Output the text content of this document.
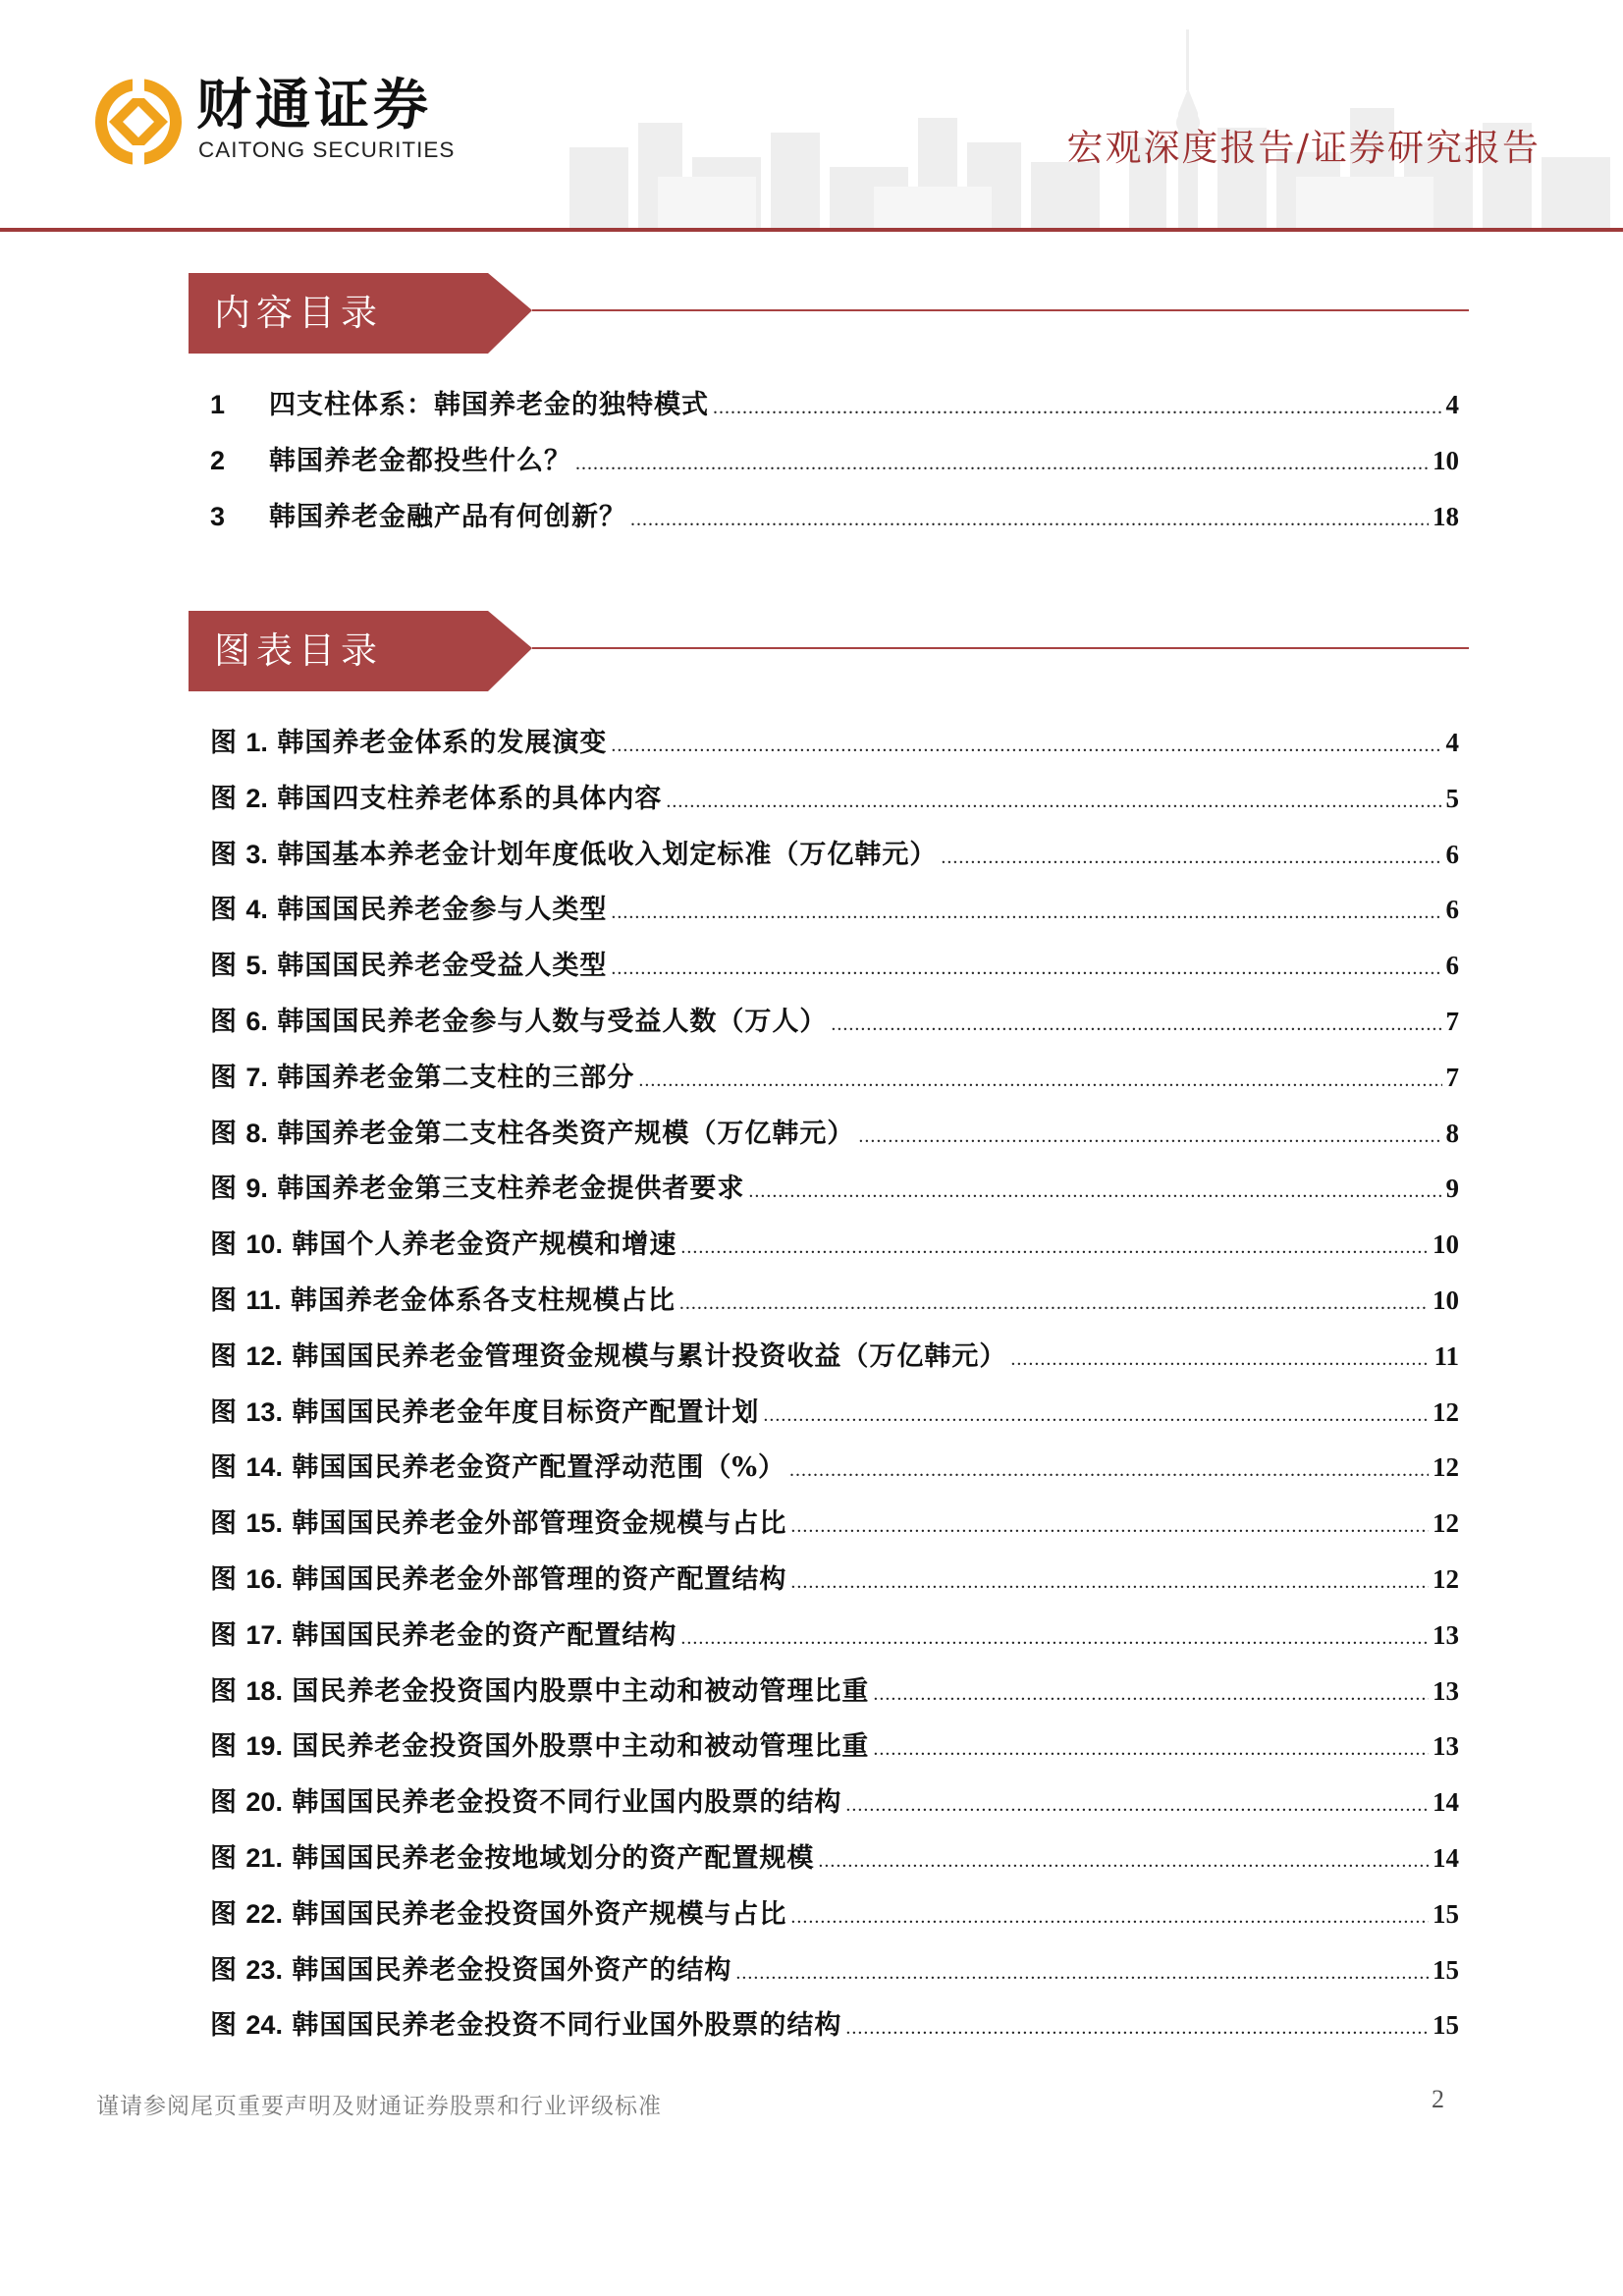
财通证券
CAITONG SECURITIES	宏观深度报告/证券研究报告
内容目录
1	四支柱体系：韩国养老金的独特模式 .....	4
2	韩国养老金都投些什么？ .....	10
3	韩国养老金融产品有何创新？ .....	18
图表目录
图 1. 韩国养老金体系的发展演变 .....	4
图 2. 韩国四支柱养老体系的具体内容 .....	5
图 3. 韩国基本养老金计划年度低收入划定标准（万亿韩元） .....	6
图 4. 韩国国民养老金参与人类型 .....	6
图 5. 韩国国民养老金受益人类型 .....	6
图 6. 韩国国民养老金参与人数与受益人数（万人） .....	7
图 7. 韩国养老金第二支柱的三部分 .....	7
图 8. 韩国养老金第二支柱各类资产规模（万亿韩元） .....	8
图 9. 韩国养老金第三支柱养老金提供者要求 .....	9
图 10. 韩国个人养老金资产规模和增速 .....	10
图 11. 韩国养老金体系各支柱规模占比 .....	10
图 12. 韩国国民养老金管理资金规模与累计投资收益（万亿韩元） .....	11
图 13. 韩国国民养老金年度目标资产配置计划 .....	12
图 14. 韩国国民养老金资产配置浮动范围（%） .....	12
图 15. 韩国国民养老金外部管理资金规模与占比 .....	12
图 16. 韩国国民养老金外部管理的资产配置结构 .....	12
图 17. 韩国国民养老金的资产配置结构 .....	13
图 18. 国民养老金投资国内股票中主动和被动管理比重 .....	13
图 19. 国民养老金投资国外股票中主动和被动管理比重 .....	13
图 20. 韩国国民养老金投资不同行业国内股票的结构 .....	14
图 21. 韩国国民养老金按地域划分的资产配置规模 .....	14
图 22. 韩国国民养老金投资国外资产规模与占比 .....	15
图 23. 韩国国民养老金投资国外资产的结构 .....	15
图 24. 韩国国民养老金投资不同行业国外股票的结构 .....	15
谨请参阅尾页重要声明及财通证券股票和行业评级标准	2
